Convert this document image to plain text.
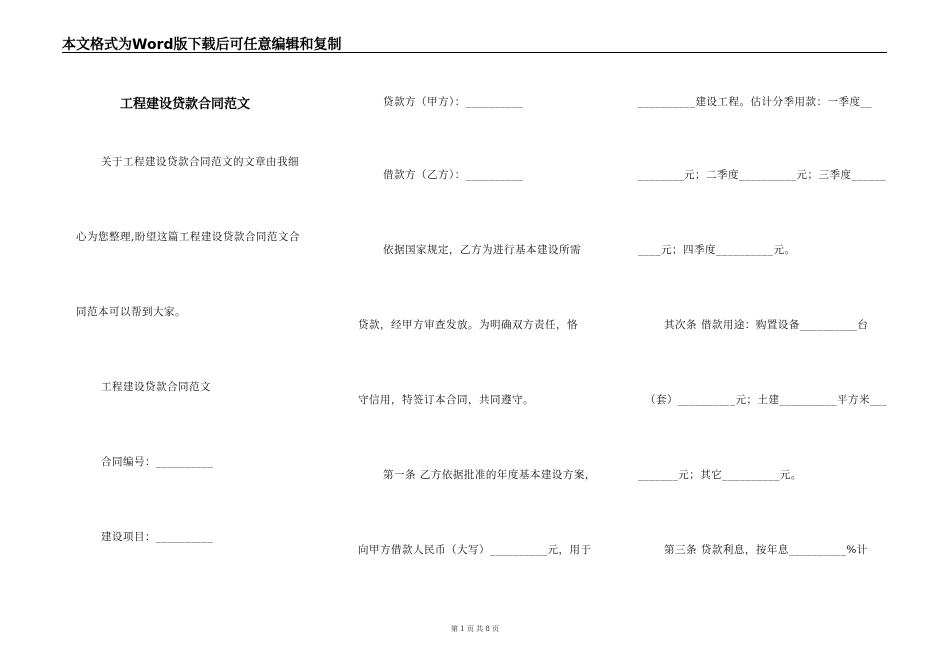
本文格式为Word版下载后可任意编辑和复制
工程建设贷款合同范文
关于工程建设贷款合同范文的文章由我细
心为您整理,盼望这篇工程建设贷款合同范文合
同范本可以帮到大家。
工程建设贷款合同范文
合同编号：__________
建设项目：__________
贷款方（甲方）：__________
借款方（乙方）：__________
依据国家规定，乙方为进行基本建设所需
贷款，经甲方审查发放。为明确双方责任，恪
守信用，特签订本合同，共同遵守。
第一条 乙方依据批准的年度基本建设方案，
向甲方借款人民币（大写）__________元，用于
__________建设工程。估计分季用款：一季度__
________元；二季度__________元；三季度______
____元；四季度__________元。
其次条 借款用途：购置设备__________台
（套）__________元；土建__________平方米___
_______元；其它__________元。
第三条 贷款利息，按年息__________%计
第 1 页 共 8 页
